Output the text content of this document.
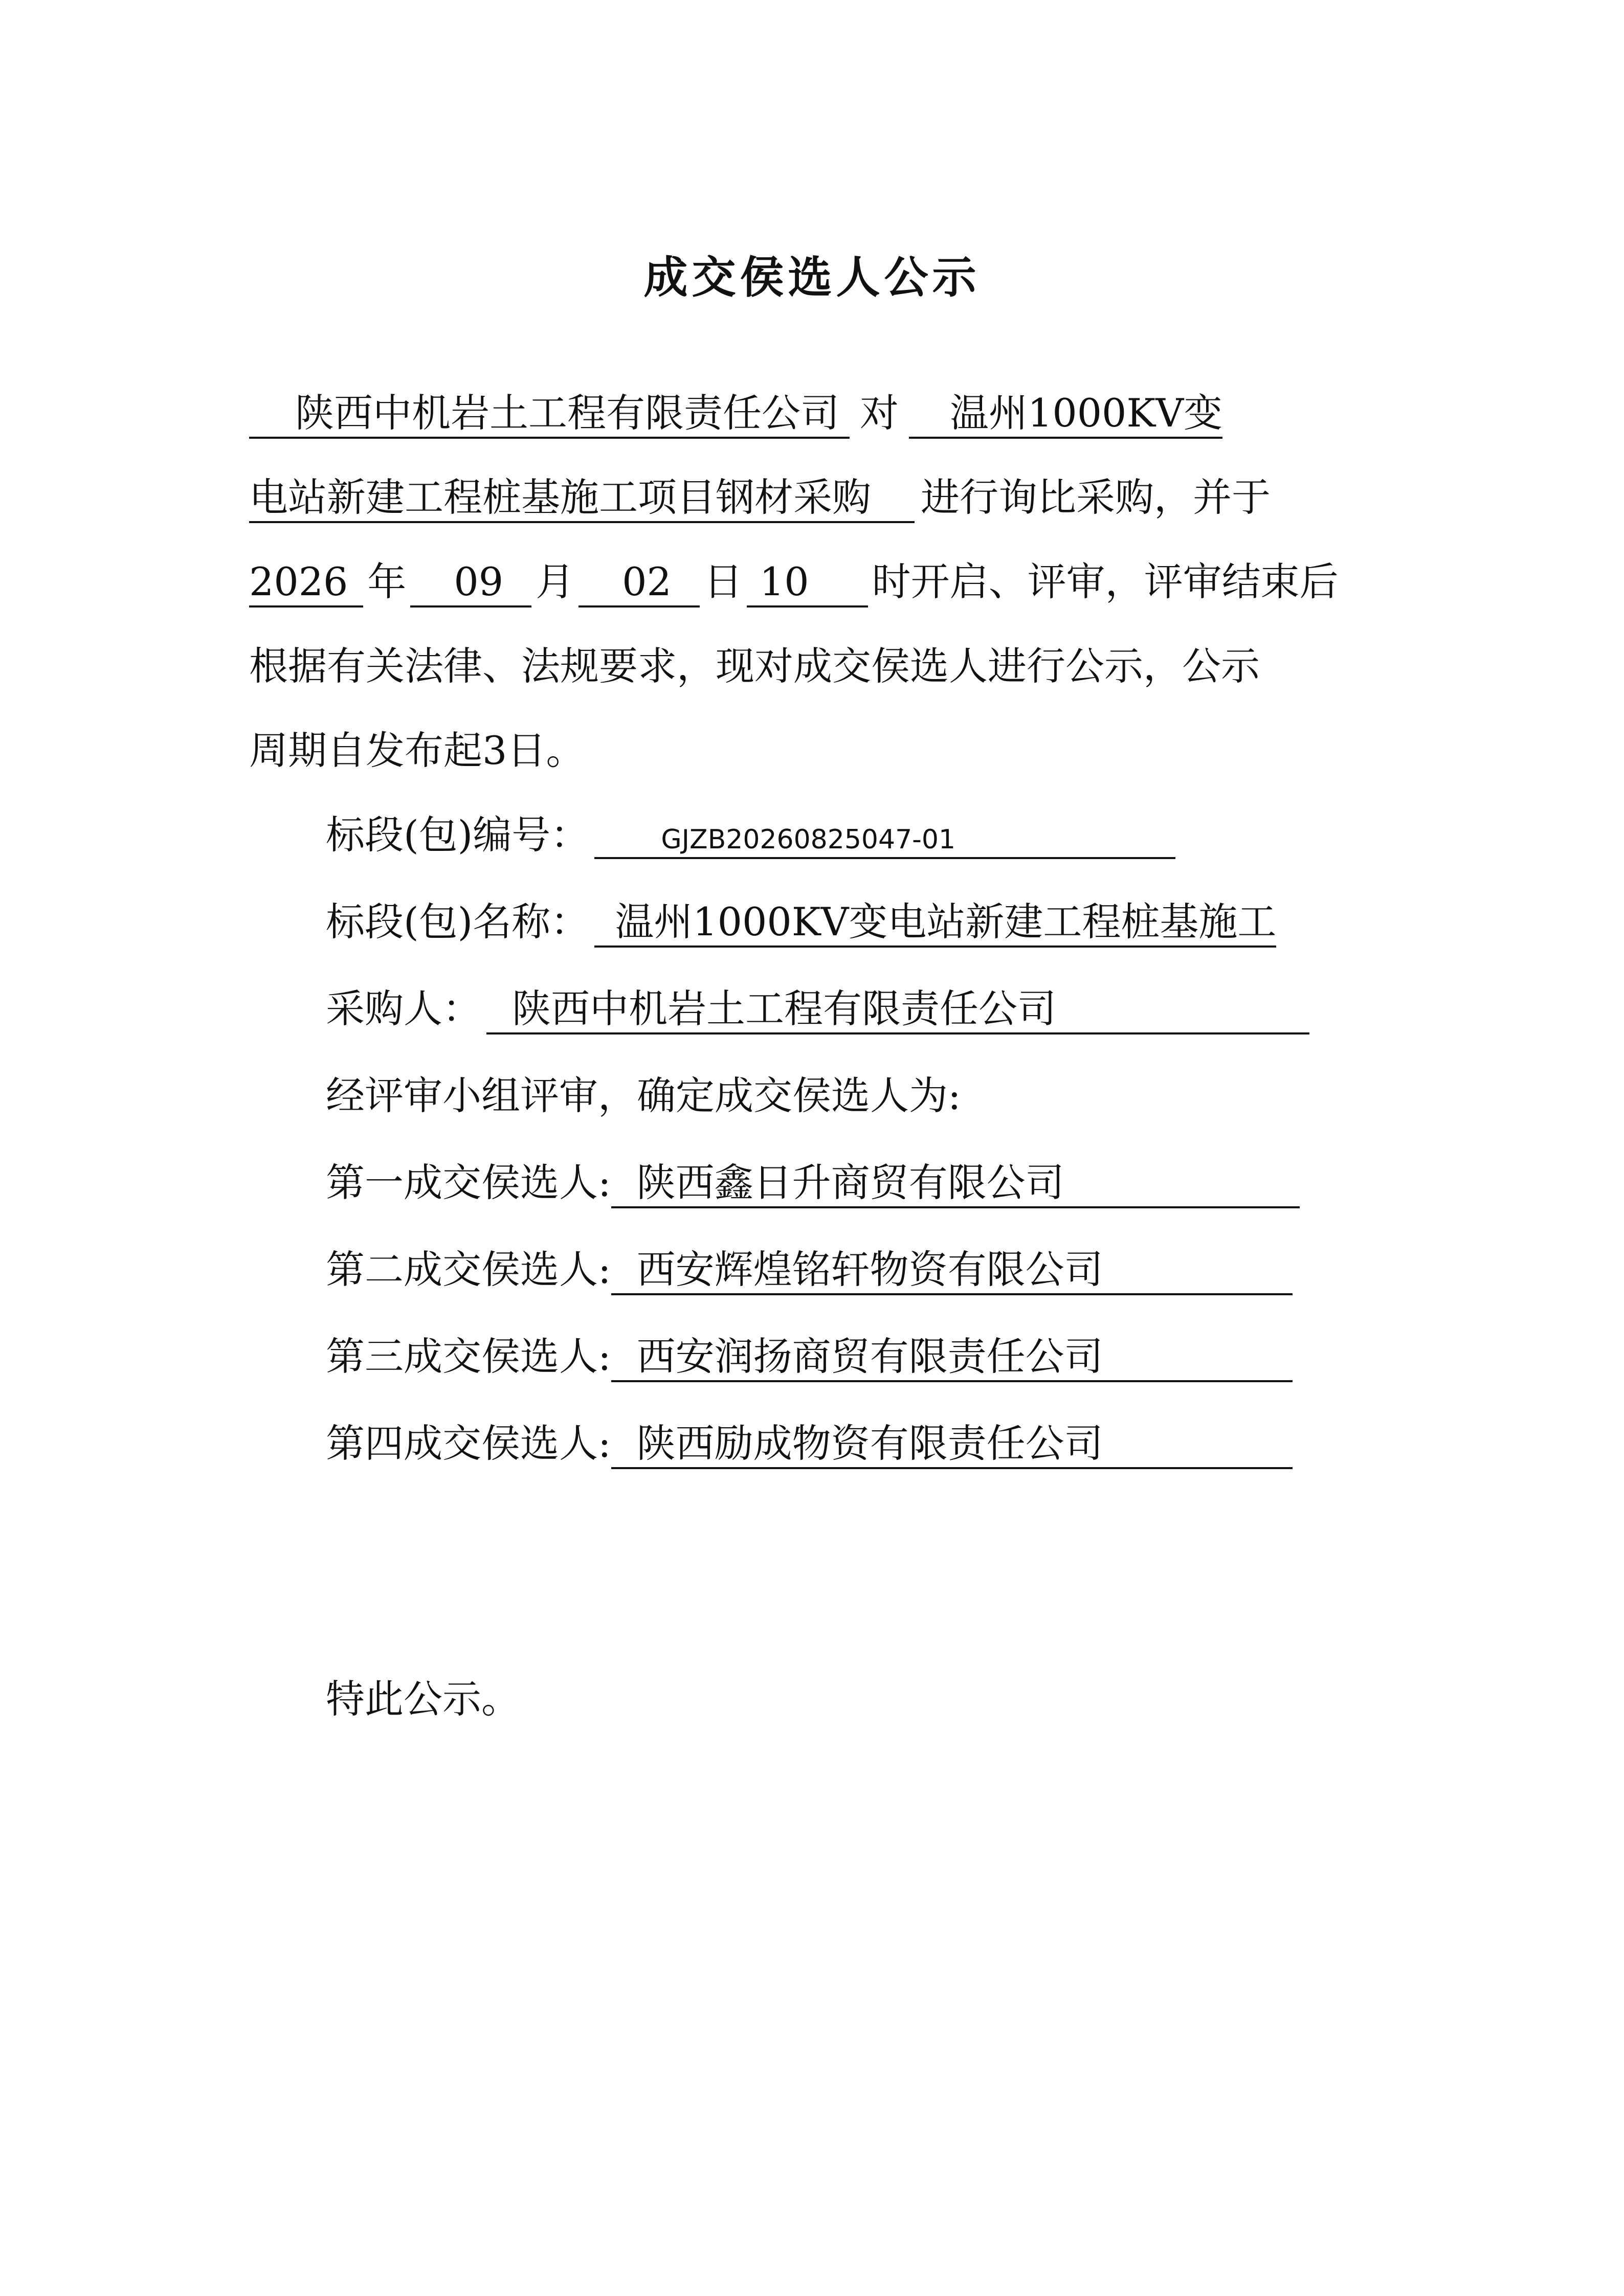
成交侯选人公示
陕西中机岩土工程有限责任公司 对 温州1000KV变
电站新建工程桩基施工项目钢材采购 进行询比采购，并于
2026 年 09 月 02 日 10 时开启、评审，评审结束后
根据有关法律、法规要求，现对成交侯选人进行公示，公示
周期自发布起3日。
标段(包)编号：	GJZB20260825047-01
标段(包)名称： 温州1000KV变电站新建工程桩基施工
采购人： 陕西中机岩土工程有限责任公司
经评审小组评审，确定成交侯选人为:
第一成交侯选人: 陕西鑫日升商贸有限公司
第二成交侯选人: 西安辉煌铭轩物资有限公司
第三成交侯选人: 西安润扬商贸有限责任公司
第四成交侯选人: 陕西励成物资有限责任公司
特此公示。
